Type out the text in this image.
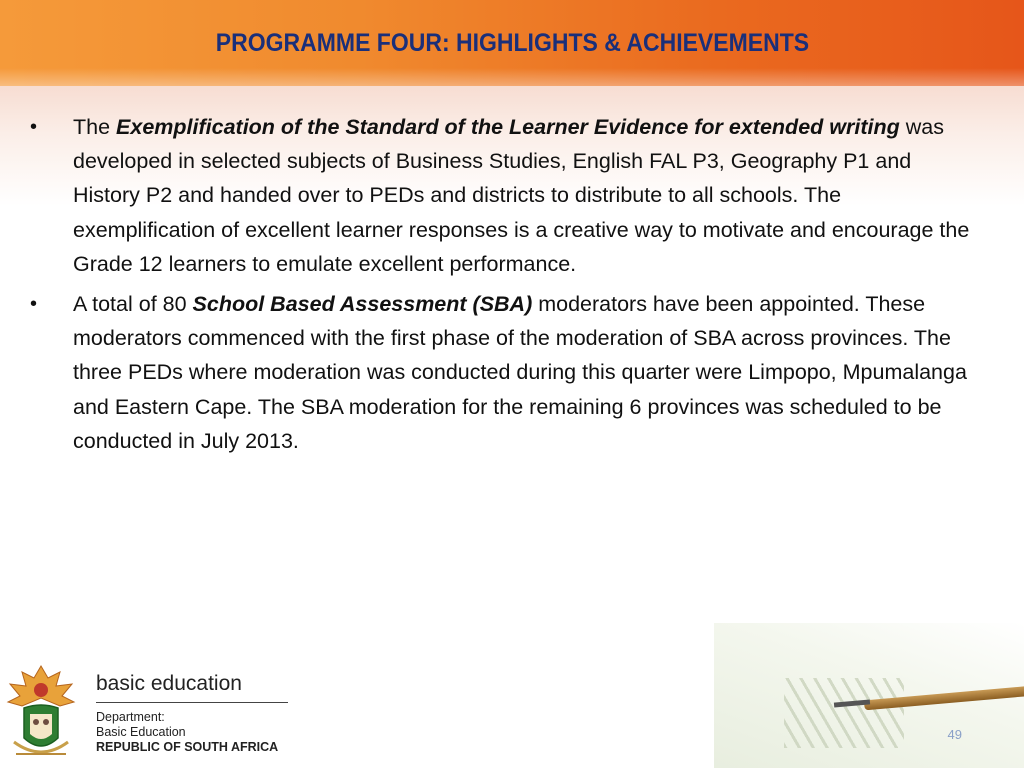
PROGRAMME FOUR: HIGHLIGHTS & ACHIEVEMENTS
•	The Exemplification of the Standard of the Learner Evidence for extended writing was developed in selected subjects of Business Studies, English FAL P3, Geography P1 and History P2 and handed over to PEDs and districts to distribute to all schools. The exemplification of excellent learner responses is a creative way to motivate and encourage the Grade 12 learners to emulate excellent performance.
•	A total of 80 School Based Assessment (SBA) moderators have been appointed. These moderators commenced with the first phase of the moderation of SBA across provinces. The three PEDs where moderation was conducted during this quarter were Limpopo, Mpumalanga and Eastern Cape. The SBA moderation for the remaining 6 provinces was scheduled to be conducted in July 2013.
49
basic education
Department:
Basic Education
REPUBLIC OF SOUTH AFRICA
